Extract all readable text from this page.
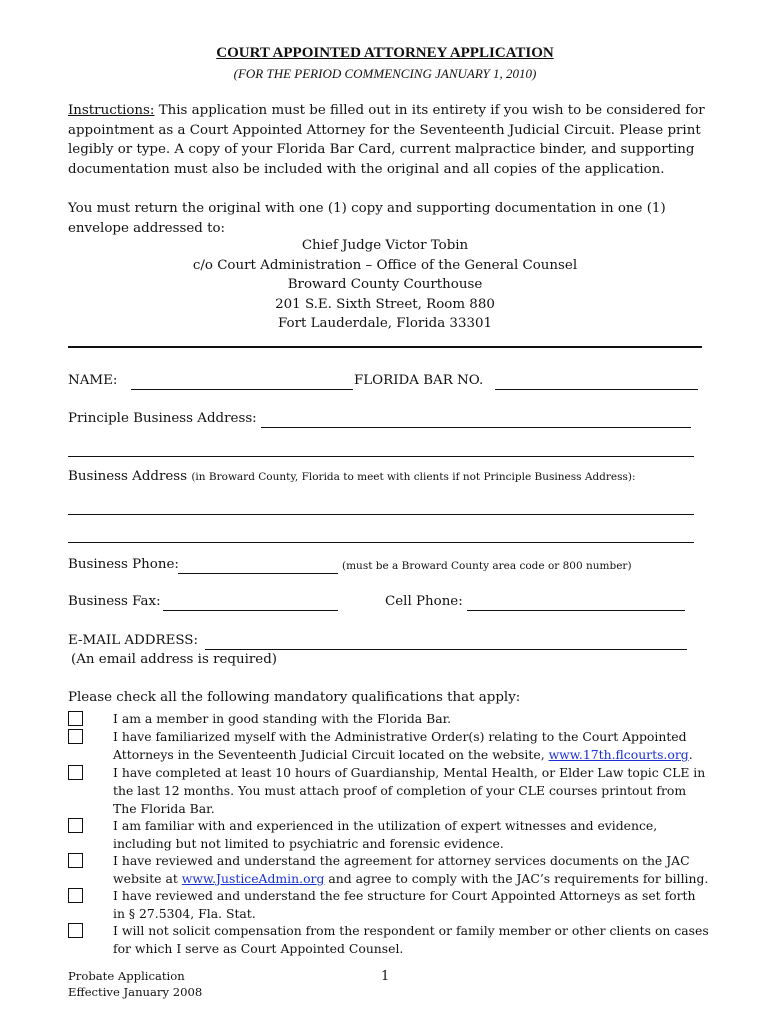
COURT APPOINTED ATTORNEY APPLICATION
(FOR THE PERIOD COMMENCING JANUARY 1, 2010)
Instructions: This application must be filled out in its entirety if you wish to be considered for appointment as a Court Appointed Attorney for the Seventeenth Judicial Circuit. Please print legibly or type. A copy of your Florida Bar Card, current malpractice binder, and supporting documentation must also be included with the original and all copies of the application.
You must return the original with one (1) copy and supporting documentation in one (1) envelope addressed to:
Chief Judge Victor Tobin
c/o Court Administration – Office of the General Counsel
Broward County Courthouse
201 S.E. Sixth Street, Room 880
Fort Lauderdale, Florida 33301
NAME:	FLORIDA BAR NO.
Principle Business Address:
Business Address (in Broward County, Florida to meet with clients if not Principle Business Address):
Business Phone:	(must be a Broward County area code or 800 number)
Business Fax:	Cell Phone:
E-MAIL ADDRESS:
(An email address is required)
Please check all the following mandatory qualifications that apply:
I am a member in good standing with the Florida Bar.
I have familiarized myself with the Administrative Order(s) relating to the Court Appointed Attorneys in the Seventeenth Judicial Circuit located on the website, www.17th.flcourts.org.
I have completed at least 10 hours of Guardianship, Mental Health, or Elder Law topic CLE in the last 12 months. You must attach proof of completion of your CLE courses printout from The Florida Bar.
I am familiar with and experienced in the utilization of expert witnesses and evidence, including but not limited to psychiatric and forensic evidence.
I have reviewed and understand the agreement for attorney services documents on the JAC website at www.JusticeAdmin.org and agree to comply with the JAC’s requirements for billing.
I have reviewed and understand the fee structure for Court Appointed Attorneys as set forth in § 27.5304, Fla. Stat.
I will not solicit compensation from the respondent or family member or other clients on cases for which I serve as Court Appointed Counsel.
Probate Application
Effective January 2008
1
